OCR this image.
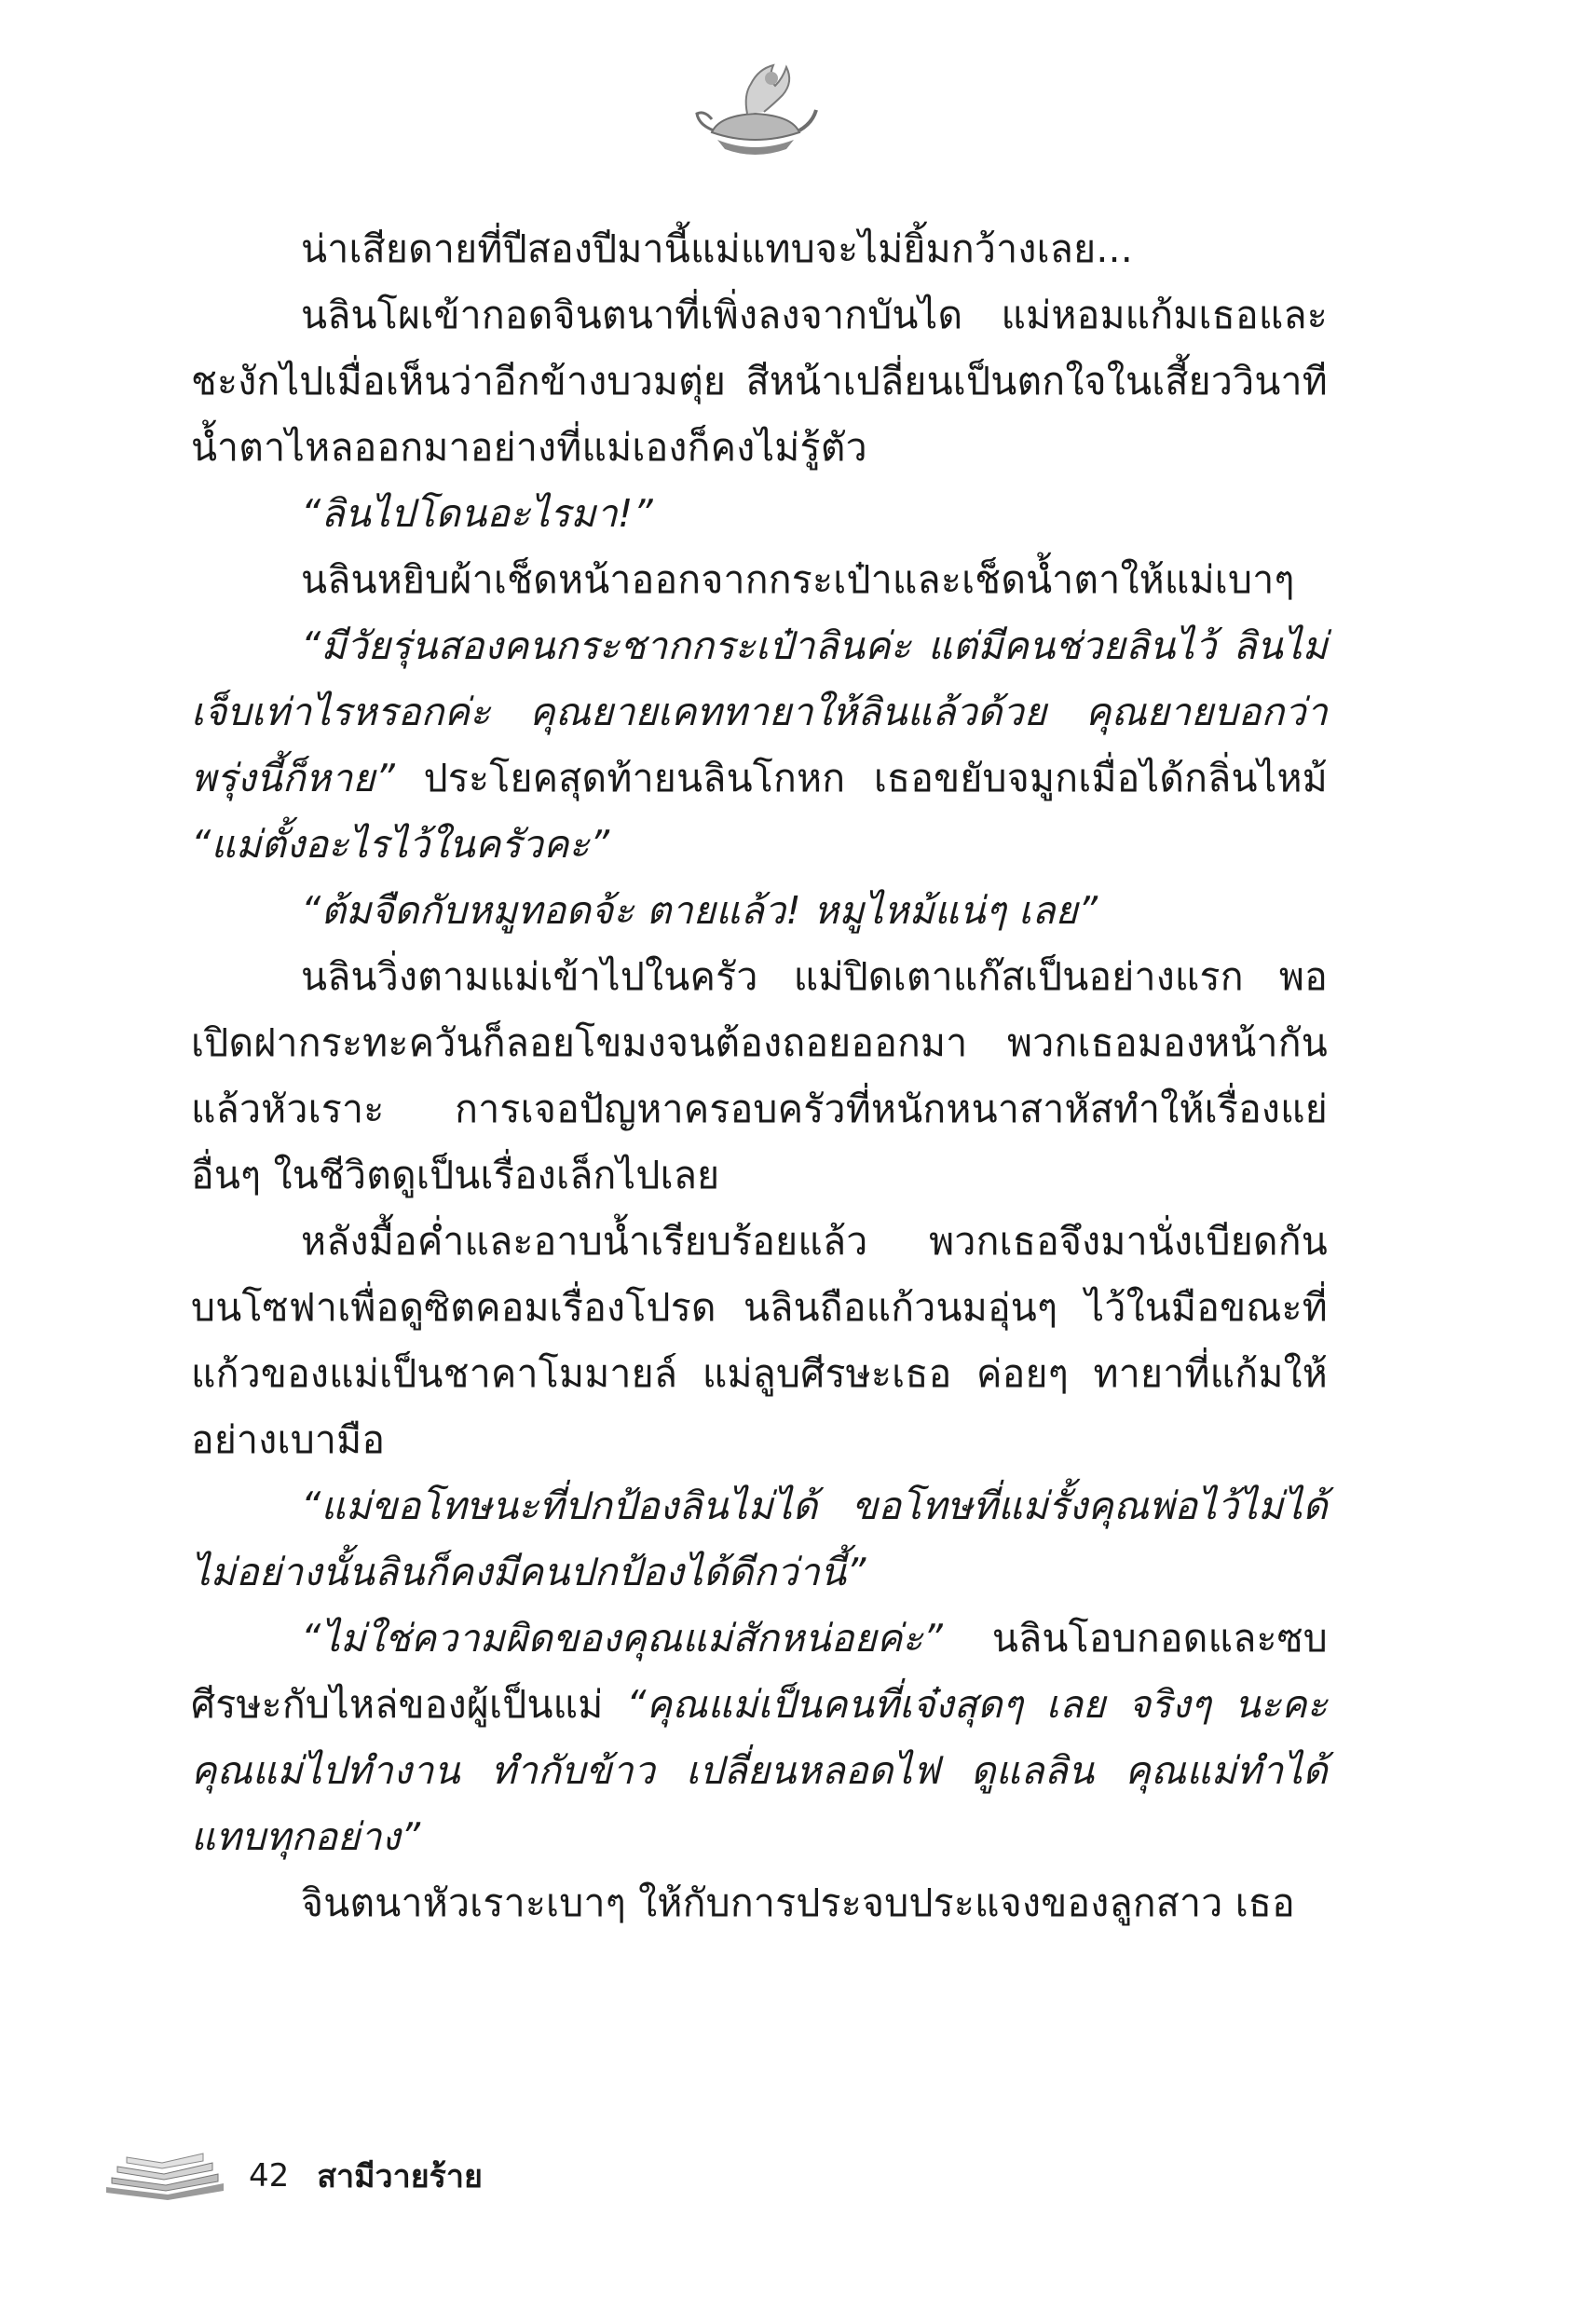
น่าเสียดายที่ปีสองปีมานี้แม่แทบจะไม่ยิ้มกว้างเลย...

นลินโผเข้ากอดจินตนาที่เพิ่งลงจากบันได แม่หอมแก้มเธอและชะงักไปเมื่อเห็นว่าอีกข้างบวมตุ่ย สีหน้าเปลี่ยนเป็นตกใจในเสี้ยววินาที น้ำตาไหลออกมาอย่างที่แม่เองก็คงไม่รู้ตัว

“ลินไปโดนอะไรมา!”

นลินหยิบผ้าเช็ดหน้าออกจากกระเป๋าและเช็ดน้ำตาให้แม่เบาๆ

“มีวัยรุ่นสองคนกระชากกระเป๋าลินค่ะ แต่มีคนช่วยลินไว้ ลินไม่เจ็บเท่าไรหรอกค่ะ คุณยายเคททายาให้ลินแล้วด้วย คุณยายบอกว่าพรุ่งนี้ก็หาย” ประโยคสุดท้ายนลินโกหก เธอขยับจมูกเมื่อได้กลิ่นไหม้ “แม่ตั้งอะไรไว้ในครัวคะ”

“ต้มจืดกับหมูทอดจ้ะ ตายแล้ว! หมูไหม้แน่ๆ เลย”

นลินวิ่งตามแม่เข้าไปในครัว แม่ปิดเตาแก๊สเป็นอย่างแรก พอเปิดฝากระทะควันก็ลอยโขมงจนต้องถอยออกมา พวกเธอมองหน้ากันแล้วหัวเราะ การเจอปัญหาครอบครัวที่หนักหนาสาหัสทำให้เรื่องแย่อื่นๆ ในชีวิตดูเป็นเรื่องเล็กไปเลย

หลังมื้อค่ำและอาบน้ำเรียบร้อยแล้ว พวกเธอจึงมานั่งเบียดกันบนโซฟาเพื่อดูซิตคอมเรื่องโปรด นลินถือแก้วนมอุ่นๆ ไว้ในมือขณะที่แก้วของแม่เป็นชาคาโมมายล์ แม่ลูบศีรษะเธอ ค่อยๆ ทายาที่แก้มให้อย่างเบามือ

“แม่ขอโทษนะที่ปกป้องลินไม่ได้ ขอโทษที่แม่รั้งคุณพ่อไว้ไม่ได้ ไม่อย่างนั้นลินก็คงมีคนปกป้องได้ดีกว่านี้”

“ไม่ใช่ความผิดของคุณแม่สักหน่อยค่ะ” นลินโอบกอดและซบศีรษะกับไหล่ของผู้เป็นแม่ “คุณแม่เป็นคนที่เจ๋งสุดๆ เลย จริงๆ นะคะ คุณแม่ไปทำงาน ทำกับข้าว เปลี่ยนหลอดไฟ ดูแลลิน คุณแม่ทำได้แทบทุกอย่าง”

จินตนาหัวเราะเบาๆ ให้กับการประจบประแจงของลูกสาว เธอ

42 สามีวายร้าย
